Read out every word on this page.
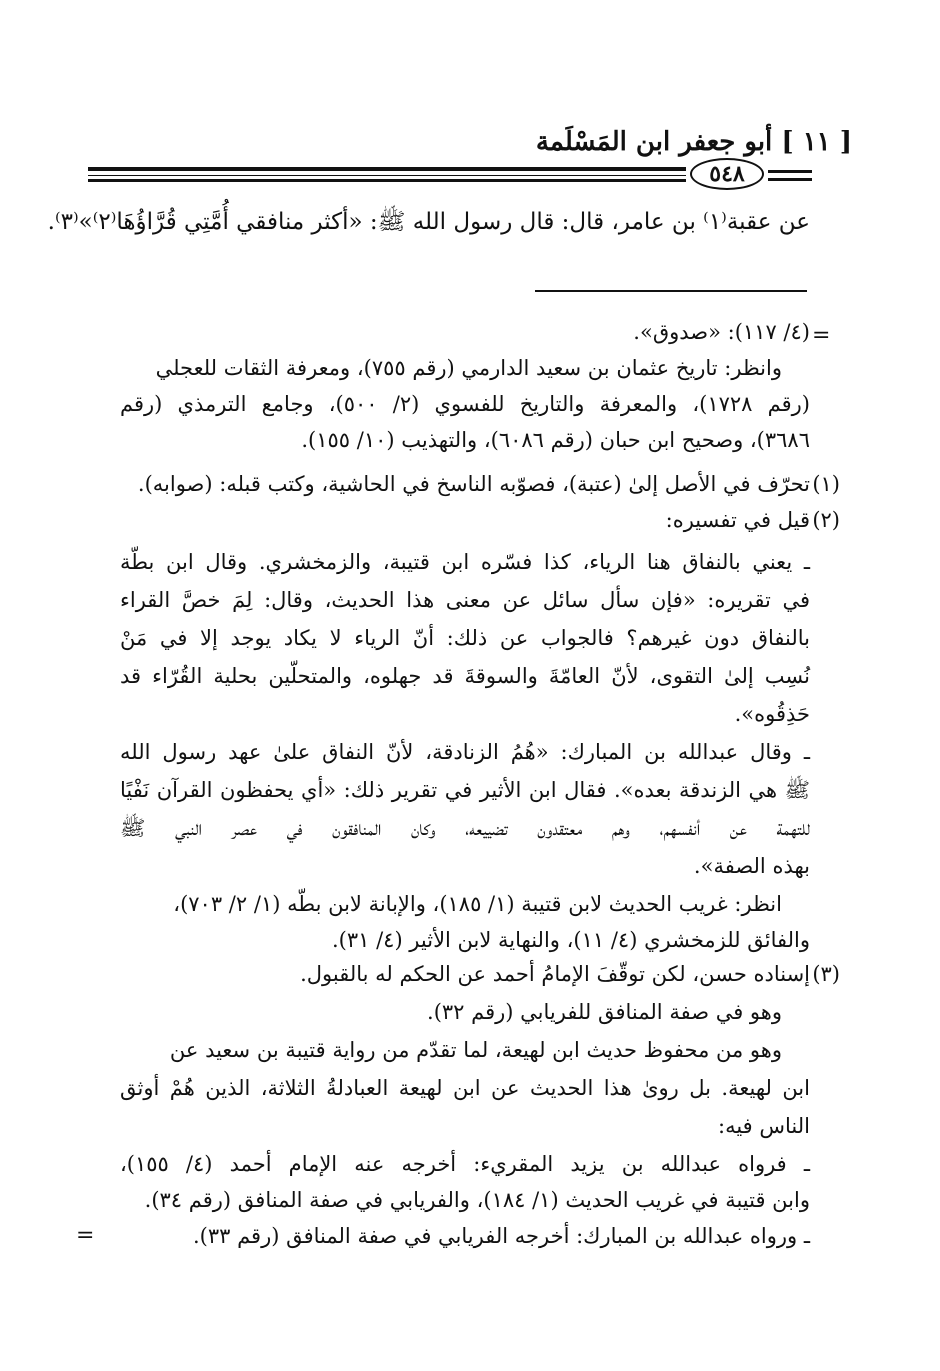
[ ١١ ] أبو جعفر ابن المَسْلَمة
٥٤٨
عن عقبة⁽١⁾ بن عامر، قال: قال رسول الله ﷺ: «أكثر منافقي أُمَّتِي قُرَّاؤُهَا⁽٢⁾»⁽٣⁾.
=
=
(١)
(٢)
(٣)
(٤/ ١١٧): «صدوق».
وانظر: تاريخ عثمان بن سعيد الدارمي (رقم ٧٥٥)، ومعرفة الثقات للعجلي
(رقم ١٧٢٨)، والمعرفة والتاريخ للفسوي (٢/ ٥٠٠)، وجامع الترمذي (رقم
٣٦٨٦)، وصحيح ابن حبان (رقم ٦٠٨٦)، والتهذيب (١٠/ ١٥٥).
تحرّف في الأصل إلىٰ (عتبة)، فصوّبه الناسخ في الحاشية، وكتب قبله: (صوابه).
قيل في تفسيره:
ـ يعني بالنفاق هنا الرياء، كذا فسّره ابن قتيبة، والزمخشري. وقال ابن بطّة
في تقريره: «فإن سأل سائل عن معنى هذا الحديث، وقال: لِمَ خصَّ القراء
بالنفاق دون غيرهم؟ فالجواب عن ذلك: أنّ الرياء لا يكاد يوجد إلا في مَنْ
نُسِب إلىٰ التقوى، لأنّ العامّةَ والسوقةَ قد جهلوه، والمتحلّين بحلية القُرّاء قد
حَذِقُوه».
ـ وقال عبدالله بن المبارك: «هُمُ الزنادقة، لأنّ النفاق علىٰ عهد رسول الله
ﷺ هي الزندقة بعده». فقال ابن الأثير في تقرير ذلك: «أي يحفظون القرآن نَفْيًا
للتهمة عن أنفسهم، وهم معتقدون تضييعه، وكان المنافقون في عصر النبي ﷺ
بهذه الصفة».
انظر: غريب الحديث لابن قتيبة (١/ ١٨٥)، والإبانة لابن بطّه (١/ ٢/ ٧٠٣)،
والفائق للزمخشري (٤/ ١١)، والنهاية لابن الأثير (٤/ ٣١).
إسناده حسن، لكن توقّفَ الإمامُ أحمد عن الحكم له بالقبول.
وهو في صفة المنافق للفريابي (رقم ٣٢).
وهو من محفوظ حديث ابن لهيعة، لما تقدّم من رواية قتيبة بن سعيد عن
ابن لهيعة. بل روىٰ هذا الحديث عن ابن لهيعة العبادلةُ الثلاثة، الذين هُمْ أوثق
الناس فيه:
ـ فرواه عبدالله بن يزيد المقريء: أخرجه عنه الإمام أحمد (٤/ ١٥٥)،
وابن قتيبة في غريب الحديث (١/ ١٨٤)، والفريابي في صفة المنافق (رقم ٣٤).
ـ ورواه عبدالله بن المبارك: أخرجه الفريابي في صفة المنافق (رقم ٣٣).
